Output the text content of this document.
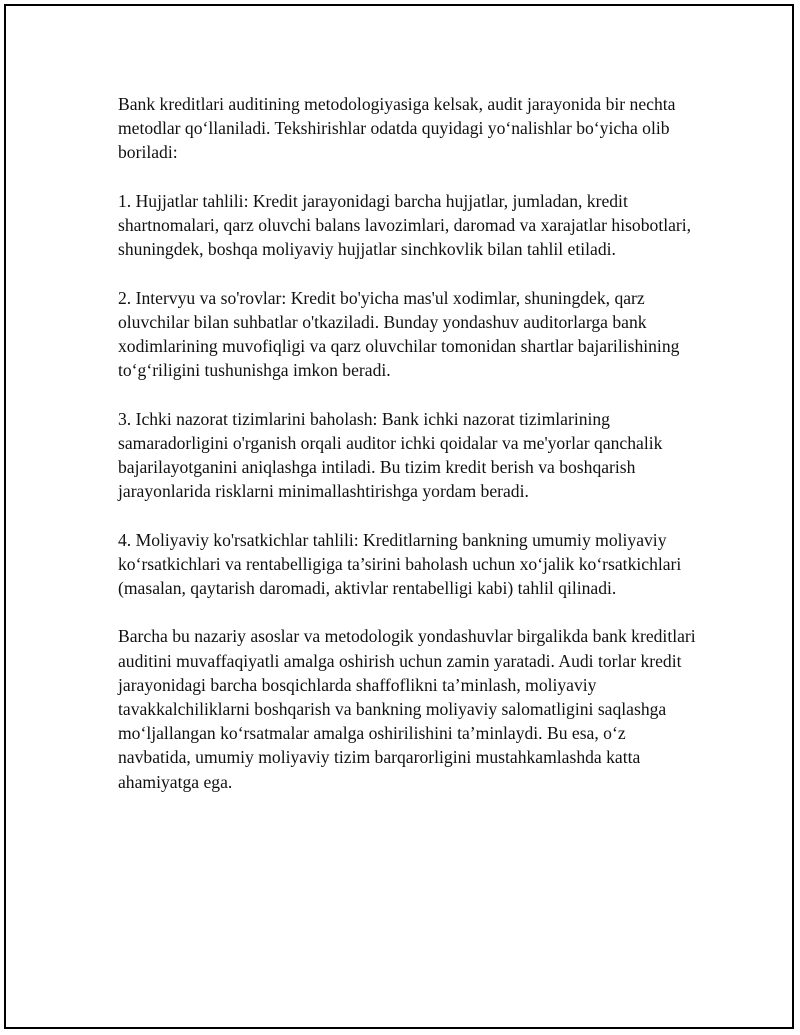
Bank kreditlari auditining metodologiyasiga kelsak, audit jarayonida bir nechta metodlar qo‘llaniladi. Tekshirishlar odatda quyidagi yo‘nalishlar bo‘yicha olib boriladi:

1. Hujjatlar tahlili: Kredit jarayonidagi barcha hujjatlar, jumladan, kredit shartnomalari, qarz oluvchi balans lavozimlari, daromad va xarajatlar hisobotlari, shuningdek, boshqa moliyaviy hujjatlar sinchkovlik bilan tahlil etiladi.

2. Intervyu va so'rovlar: Kredit bo'yicha mas'ul xodimlar, shuningdek, qarz oluvchilar bilan suhbatlar o'tkaziladi. Bunday yondashuv auditorlarga bank xodimlarining muvofiqligi va qarz oluvchilar tomonidan shartlar bajarilishining to‘g‘riligini tushunishga imkon beradi.

3. Ichki nazorat tizimlarini baholash: Bank ichki nazorat tizimlarining samaradorligini o'rganish orqali auditor ichki qoidalar va me'yorlar qanchalik bajarilayotganini aniqlashga intiladi. Bu tizim kredit berish va boshqarish jarayonlarida risklarni minimallashtirishga yordam beradi.

4. Moliyaviy ko'rsatkichlar tahlili: Kreditlarning bankning umumiy moliyaviy ko‘rsatkichlari va rentabelligiga ta’sirini baholash uchun xo‘jalik ko‘rsatkichlari (masalan, qaytarish daromadi, aktivlar rentabelligi kabi) tahlil qilinadi.

Barcha bu nazariy asoslar va metodologik yondashuvlar birgalikda bank kreditlari auditini muvaffaqiyatli amalga oshirish uchun zamin yaratadi. Audi torlar kredit jarayonidagi barcha bosqichlarda shaffoflikni ta’minlash, moliyaviy tavakkalchiliklarni boshqarish va bankning moliyaviy salomatligini saqlashga mo‘ljallangan ko‘rsatmalar amalga oshirilishini ta’minlaydi. Bu esa, o‘z navbatida, umumiy moliyaviy tizim barqarorligini mustahkamlashda katta ahamiyatga ega.
